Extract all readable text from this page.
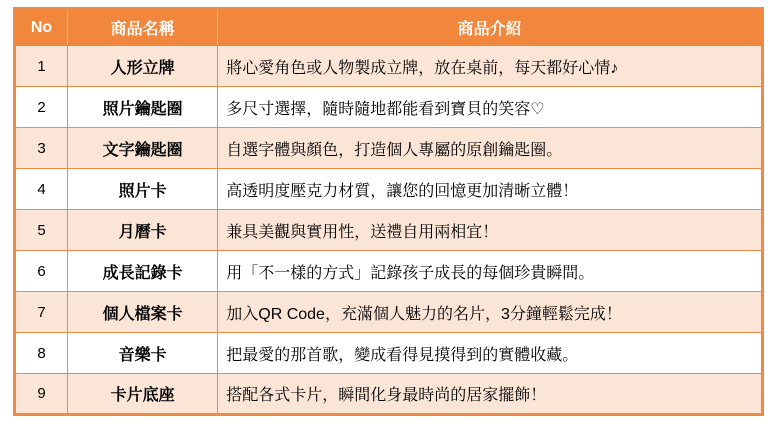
No	商品名稱	商品介紹
1	人形立牌	將心愛角色或人物製成立牌，放在桌前，每天都好心情♪
2	照片鑰匙圈	多尺寸選擇，隨時隨地都能看到寶貝的笑容♡
3	文字鑰匙圈	自選字體與顏色，打造個人專屬的原創鑰匙圈。
4	照片卡	高透明度壓克力材質，讓您的回憶更加清晰立體！
5	月曆卡	兼具美觀與實用性，送禮自用兩相宜！
6	成長記錄卡	用「不一樣的方式」記錄孩子成長的每個珍貴瞬間。
7	個人檔案卡	加入QR Code，充滿個人魅力的名片，3分鐘輕鬆完成！
8	音樂卡	把最愛的那首歌，變成看得見摸得到的實體收藏。
9	卡片底座	搭配各式卡片，瞬間化身最時尚的居家擺飾！
